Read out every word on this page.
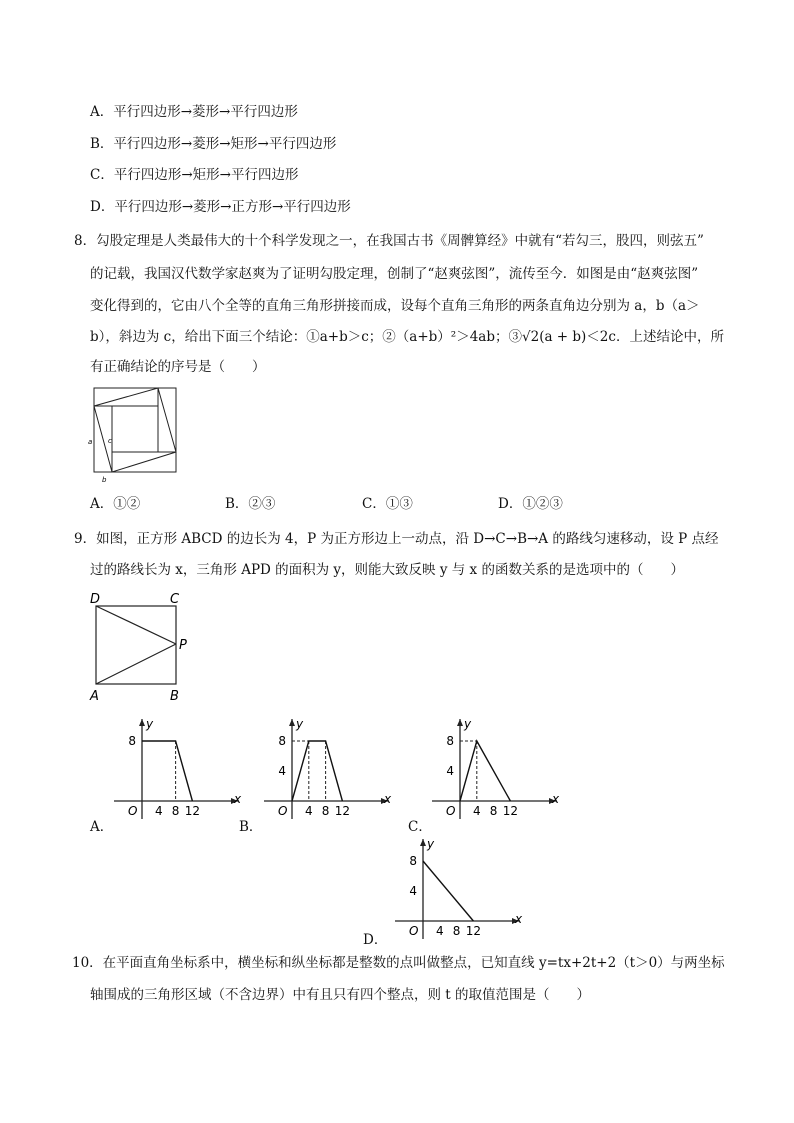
A．平行四边形→菱形→平行四边形
B．平行四边形→菱形→矩形→平行四边形
C．平行四边形→矩形→平行四边形
D．平行四边形→菱形→正方形→平行四边形
8．勾股定理是人类最伟大的十个科学发现之一，在我国古书《周髀算经》中就有“若勾三，股四，则弦五”
的记载，我国汉代数学家赵爽为了证明勾股定理，创制了“赵爽弦图”，流传至今．如图是由“赵爽弦图”
变化得到的，它由八个全等的直角三角形拼接而成，设每个直角三角形的两条直角边分别为 a，b（a＞
b），斜边为 c，给出下面三个结论：①a+b＞c；②（a+b）²＞4ab；③√2(a + b)＜2c．上述结论中，所
有正确结论的序号是（　　）
a c
b
A．①②	B．②③	C．①③	D．①②③
9．如图，正方形 ABCD 的边长为 4，P 为正方形边上一动点，沿 D→C→B→A 的路线匀速移动，设 P 点经
过的路线长为 x，三角形 APD 的面积为 y，则能大致反映 y 与 x 的函数关系的是选项中的（　　）
D	C
P
A	B
A．	B．	C．
D．
x
y
O 4 8 12
8
x
y
O 4 8 12
4
8
x
y
O 4 8 12
4
8
x
y
O 4 8 12
4
8
10．在平面直角坐标系中，横坐标和纵坐标都是整数的点叫做整点，已知直线 y=tx+2t+2（t＞0）与两坐标
轴围成的三角形区域（不含边界）中有且只有四个整点，则 t 的取值范围是（　　）
